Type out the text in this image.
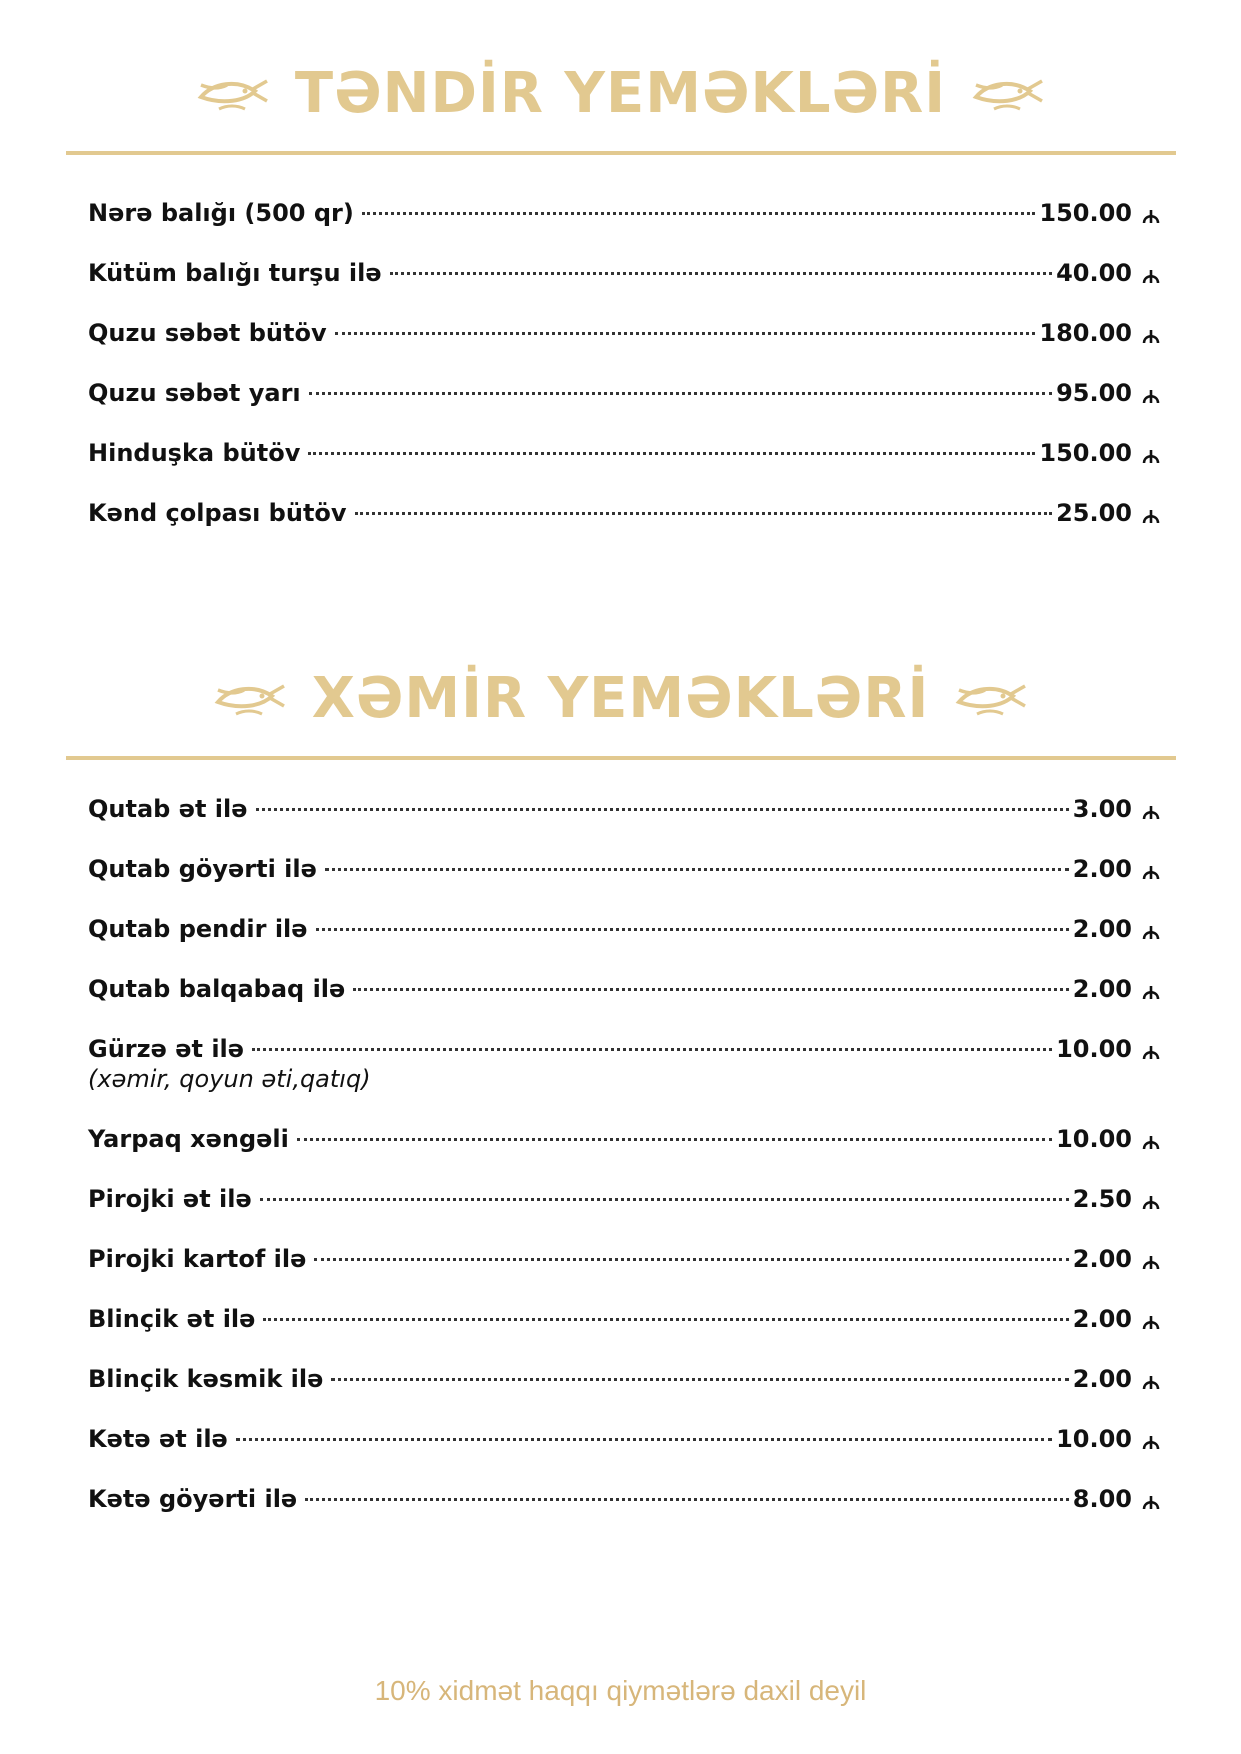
TƏNDİR YEMƏKLƏRİ
Nərə balığı (500 qr)	150.00
Kütüm balığı turşu ilə	40.00
Quzu səbət bütöv	180.00
Quzu səbət yarı	95.00
Hinduşka bütöv	150.00
Kənd çolpası bütöv	25.00
XƏMİR YEMƏKLƏRİ
Qutab ət ilə	3.00
Qutab göyərti ilə	2.00
Qutab pendir ilə	2.00
Qutab balqabaq ilə	2.00
Gürzə ət ilə	10.00
(xəmir, qoyun əti,qatıq)
Yarpaq xəngəli	10.00
Pirojki ət ilə	2.50
Pirojki kartof ilə	2.00
Blinçik ət ilə	2.00
Blinçik kəsmik ilə	2.00
Kətə ət ilə	10.00
Kətə göyərti ilə	8.00
10% xidmət haqqı qiymətlərə daxil deyil
